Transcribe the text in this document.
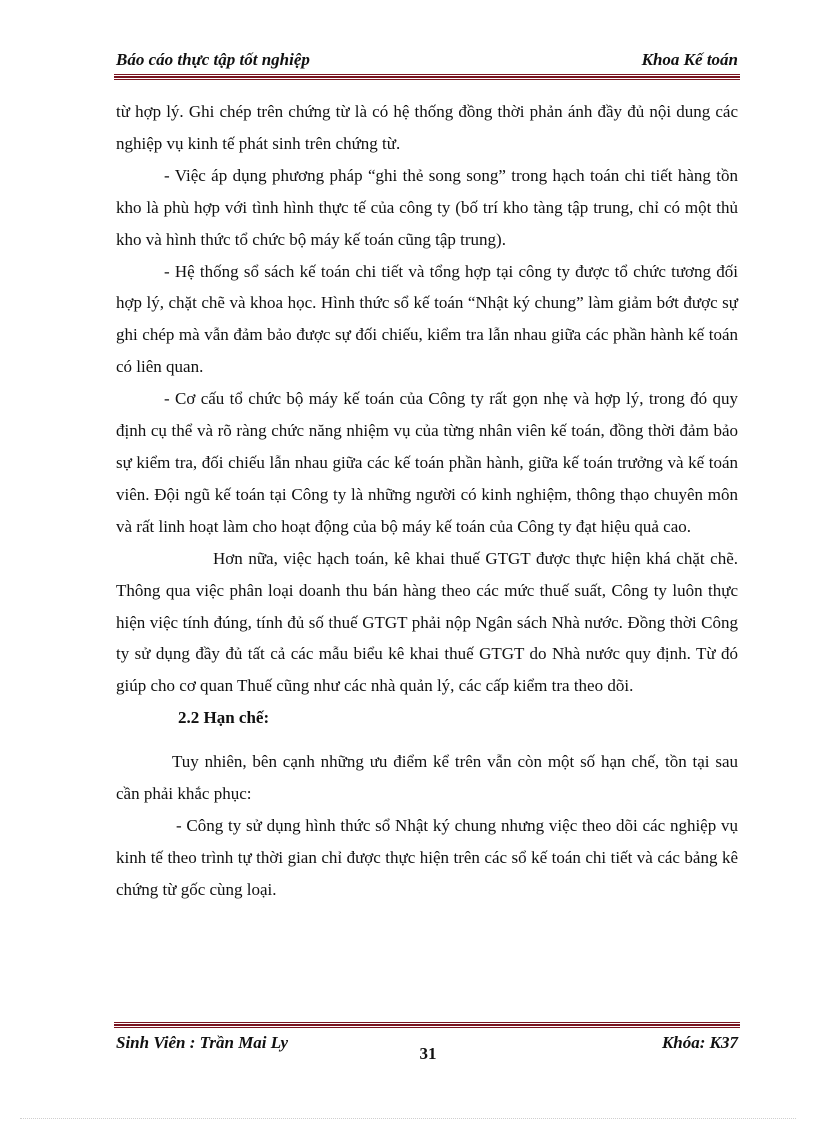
Báo cáo thực tập tốt nghiệp	Khoa Kế toán

từ hợp lý. Ghi chép trên chứng từ là có hệ thống đồng thời phản ánh đầy đủ nội dung các nghiệp vụ kinh tế phát sinh trên chứng từ.

- Việc áp dụng phương pháp “ghi thẻ song song” trong hạch toán chi tiết hàng tồn kho là phù hợp với tình hình thực tế của công ty (bố trí kho tàng tập trung, chỉ có một thủ kho và hình thức tổ chức bộ máy kế toán cũng tập trung).

- Hệ thống sổ sách kế toán chi tiết và tổng hợp tại công ty được tổ chức tương đối hợp lý, chặt chẽ và khoa học. Hình thức sổ kế toán “Nhật ký chung” làm giảm bớt được sự ghi chép mà vẫn đảm bảo được sự đối chiếu, kiểm tra lẫn nhau giữa các phần hành kế toán có liên quan.

- Cơ cấu tổ chức bộ máy kế toán của Công ty rất gọn nhẹ và hợp lý, trong đó quy định cụ thể và rõ ràng chức năng nhiệm vụ của từng nhân viên kế toán, đồng thời đảm bảo sự kiểm tra, đối chiếu lẫn nhau giữa các kế toán phần hành, giữa kế toán trưởng và kế toán viên. Đội ngũ kế toán tại Công ty là những người có kinh nghiệm, thông thạo chuyên môn và rất linh hoạt làm cho hoạt động của bộ máy kế toán của Công ty đạt hiệu quả cao.

Hơn nữa, việc hạch toán, kê khai thuế GTGT được thực hiện khá chặt chẽ. Thông qua việc phân loại doanh thu bán hàng theo các mức thuế suất, Công ty luôn thực hiện việc tính đúng, tính đủ số thuế GTGT phải nộp Ngân sách Nhà nước. Đồng thời Công ty sử dụng đầy đủ tất cả các mẫu biểu kê khai thuế GTGT do Nhà nước quy định. Từ đó giúp cho cơ quan Thuế cũng như các nhà quản lý, các cấp kiểm tra theo dõi.

2.2 Hạn chế:

Tuy nhiên, bên cạnh những ưu điểm kể trên vẫn còn một số hạn chế, tồn tại sau cần phải khắc phục:

- Công ty sử dụng hình thức sổ Nhật ký chung nhưng việc theo dõi các nghiệp vụ kinh tế theo trình tự thời gian chỉ được thực hiện trên các sổ kế toán chi tiết và các bảng kê chứng từ gốc cùng loại.

Sinh Viên : Trần Mai Ly
31
Khóa: K37
